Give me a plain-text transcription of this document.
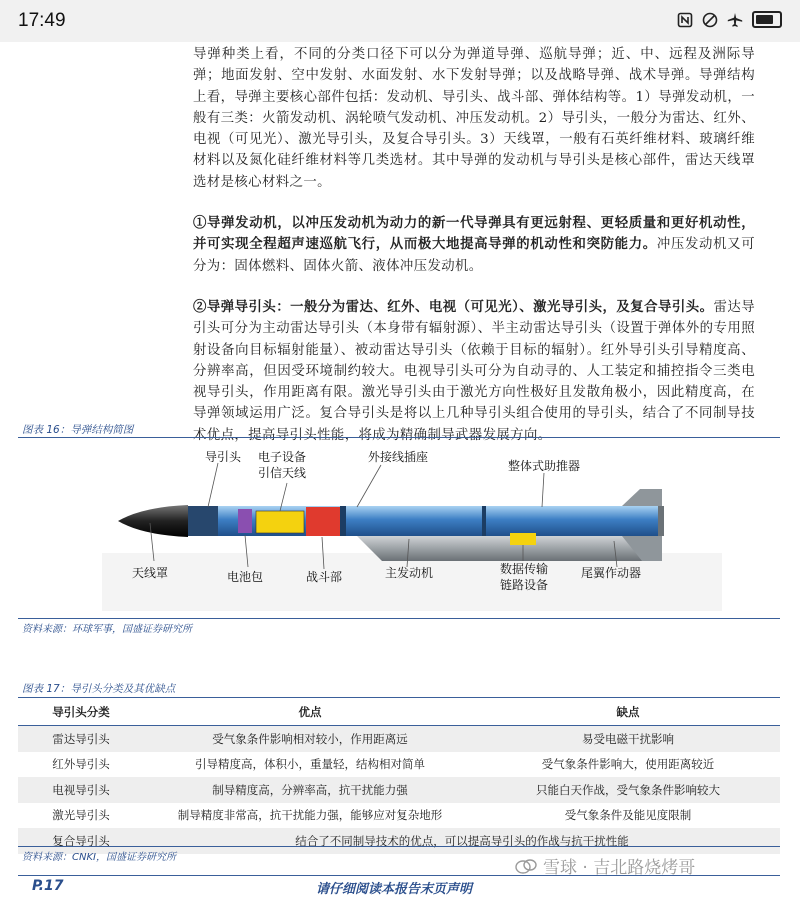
17:49

导弹种类上看，不同的分类口径下可以分为弹道导弹、巡航导弹；近、中、远程及洲际导弹；地面发射、空中发射、水面发射、水下发射导弹；以及战略导弹、战术导弹。导弹结构上看，导弹主要核心部件包括：发动机、导引头、战斗部、弹体结构等。1）导弹发动机，一般有三类：火箭发动机、涡轮喷气发动机、冲压发动机。2）导引头，一般分为雷达、红外、电视（可见光）、激光导引头，及复合导引头。3）天线罩，一般有石英纤维材料、玻璃纤维材料以及氮化硅纤维材料等几类选材。其中导弹的发动机与导引头是核心部件，雷达天线罩选材是核心材料之一。

①导弹发动机，以冲压发动机为动力的新一代导弹具有更远射程、更轻质量和更好机动性，并可实现全程超声速巡航飞行，从而极大地提高导弹的机动性和突防能力。冲压发动机又可分为：固体燃料、固体火箭、液体冲压发动机。

②导弹导引头：一般分为雷达、红外、电视（可见光）、激光导引头，及复合导引头。雷达导引头可分为主动雷达导引头（本身带有辐射源）、半主动雷达导引头（设置于弹体外的专用照射设备向目标辐射能量）、被动雷达导引头（依赖于目标的辐射）。红外导引头引导精度高、分辨率高，但因受环境制约较大。电视导引头可分为自动寻的、人工装定和捕控指令三类电视导引头，作用距离有限。激光导引头由于激光方向性极好且发散角极小，因此精度高，在导弹领域运用广泛。复合导引头是将以上几种导引头组合使用的导引头，结合了不同制导技术优点，提高导引头性能，将成为精确制导武器发展方向。

图表 16：导弹结构简图
导引头 电子设备
引信天线
外接线插座
整体式助推器
天线罩	电池包	战斗部	主发动机	数据传输
链路设备
尾翼作动器
资料来源：环球军事，国盛证券研究所
图表 17：导引头分类及其优缺点
导引头分类	优点	缺点
雷达导引头	受气象条件影响相对较小，作用距离远	易受电磁干扰影响
红外导引头	引导精度高，体积小，重量轻，结构相对简单	受气象条件影响大，使用距离较近
电视导引头	制导精度高，分辨率高，抗干扰能力强	只能白天作战，受气象条件影响较大
激光导引头	制导精度非常高，抗干扰能力强，能够应对复杂地形	受气象条件及能见度限制
复合导引头	结合了不同制导技术的优点，可以提高导引头的作战与抗干扰性能	
资料来源：CNKI，国盛证券研究所
雪球 · 吉北路烧烤哥
P.17	请仔细阅读本报告末页声明
